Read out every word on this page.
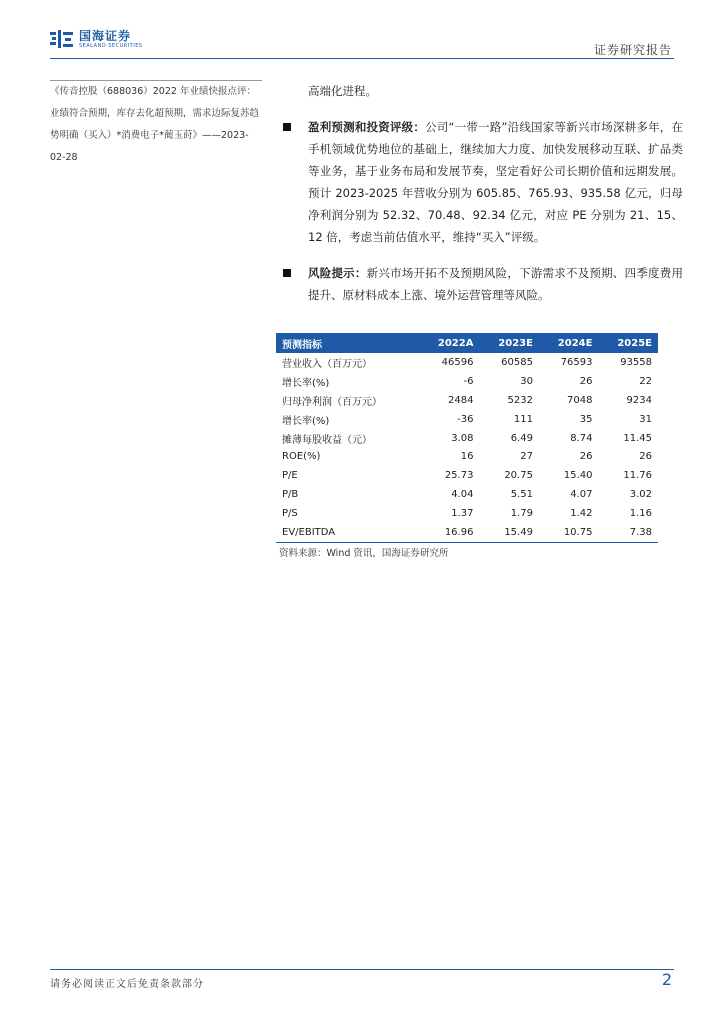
国海证券
SEALAND SECURITIES	证券研究报告
《传音控股（688036）2022 年业绩快报点评：业绩符合预期，库存去化超预期，需求边际复苏趋势明确（买入）*消费电子*蔺玉莳》——2023-02-28
高端化进程。
盈利预测和投资评级：公司“一带一路”沿线国家等新兴市场深耕多年，在手机领域优势地位的基础上，继续加大力度、加快发展移动互联、扩品类等业务，基于业务布局和发展节奏，坚定看好公司长期价值和远期发展。预计 2023-2025 年营收分别为 605.85、765.93、935.58 亿元，归母净利润分别为 52.32、70.48、92.34 亿元，对应 PE 分别为 21、15、12 倍，考虑当前估值水平，维持“买入”评级。
风险提示：新兴市场开拓不及预期风险，下游需求不及预期、四季度费用提升、原材料成本上涨、境外运营管理等风险。
预测指标	2022A	2023E	2024E	2025E
营业收入（百万元）	46596	60585	76593	93558
增长率(%)	-6	30	26	22
归母净利润（百万元）	2484	5232	7048	9234
增长率(%)	-36	111	35	31
摊薄每股收益（元）	3.08	6.49	8.74	11.45
ROE(%)	16	27	26	26
P/E	25.73	20.75	15.40	11.76
P/B	4.04	5.51	4.07	3.02
P/S	1.37	1.79	1.42	1.16
EV/EBITDA	16.96	15.49	10.75	7.38
资料来源：Wind 资讯，国海证券研究所
请务必阅读正文后免责条款部分	2
